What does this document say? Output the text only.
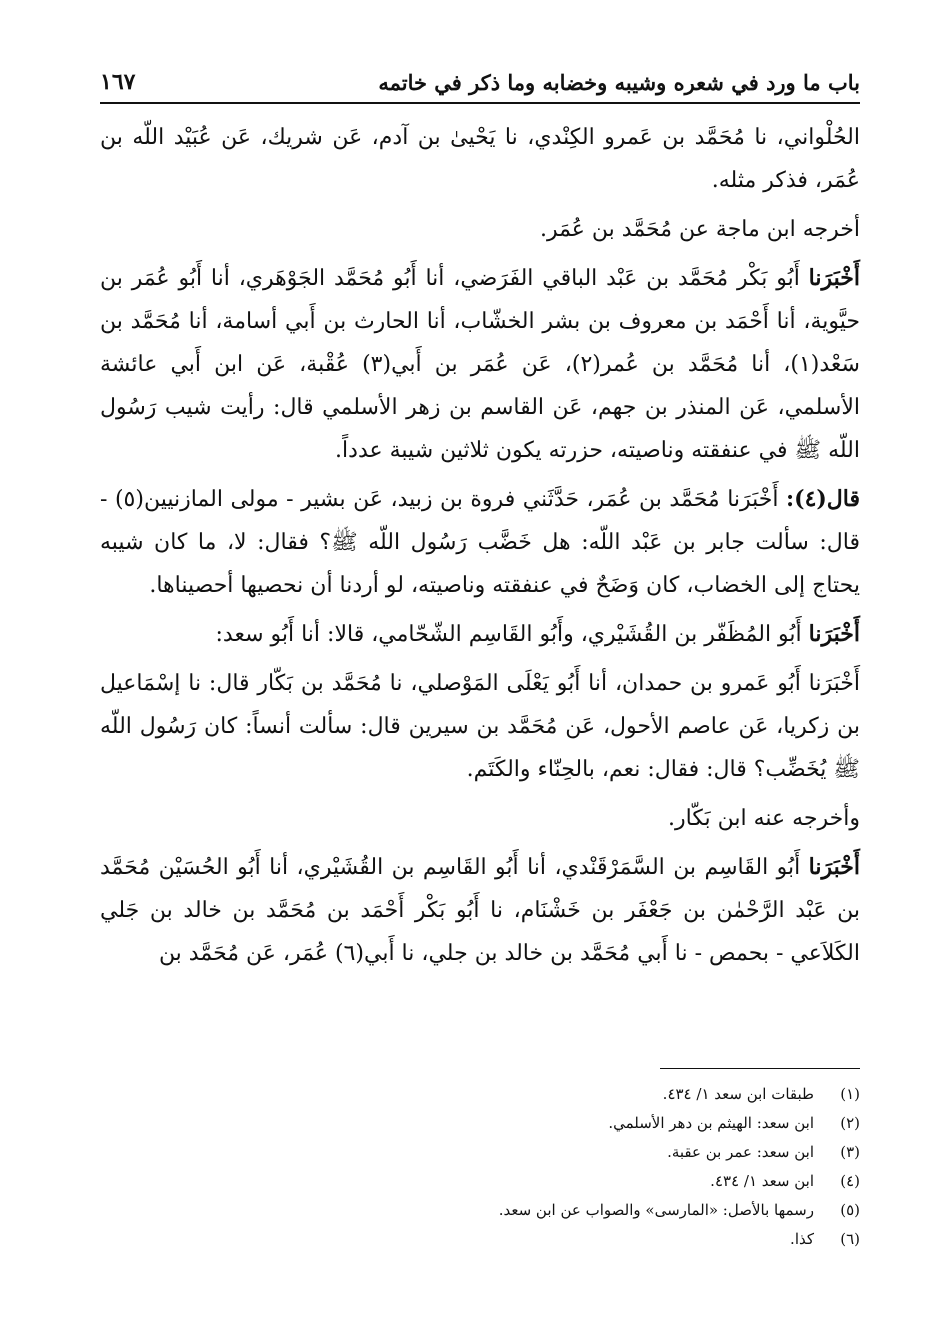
باب ما ورد في شعره وشيبه وخضابه وما ذكر في خاتمه
١٦٧

الحُلْواني، نا مُحَمَّد بن عَمرو الكِنْدي، نا يَحْيىٰ بن آدم، عَن شريك، عَن عُبَيْد اللّه بن عُمَر، فذكر مثله.

أخرجه ابن ماجة عن مُحَمَّد بن عُمَر.

أَخْبَرَنا أَبُو بَكْر مُحَمَّد بن عَبْد الباقي الفَرَضي، أنا أَبُو مُحَمَّد الجَوْهَري، أنا أَبُو عُمَر بن حيَّوية، أنا أَحْمَد بن معروف بن بشر الخشّاب، أنا الحارث بن أَبي أسامة، أنا مُحَمَّد بن سَعْد(١)، أنا مُحَمَّد بن عُمر(٢)، عَن عُمَر بن أَبي(٣) عُقْبة، عَن ابن أَبي عائشة الأسلمي، عَن المنذر بن جهم، عَن القاسم بن زهر الأسلمي قال: رأيت شيب رَسُول اللّه ﷺ في عنفقته وناصيته، حزرته يكون ثلاثين شيبة عدداً.

قال(٤): أَخْبَرَنا مُحَمَّد بن عُمَر، حَدَّثَني فروة بن زبيد، عَن بشير - مولى المازنيين(٥) - قال: سألت جابر بن عَبْد اللّه: هل خَضَّب رَسُول اللّه ﷺ؟ فقال: لا، ما كان شيبه يحتاج إلى الخضاب، كان وَضَحٌ في عنفقته وناصيته، لو أردنا أن نحصيها أحصيناها.

أَخْبَرَنا أَبُو المُظَفّر بن القُشَيْري، وأَبُو القَاسِم الشّحّامي، قالا: أنا أَبُو سعد:

أَخْبَرَنا أَبُو عَمرو بن حمدان، أنا أَبُو يَعْلَى المَوْصلي، نا مُحَمَّد بن بَكّار قال: نا إسْمَاعيل بن زكريا، عَن عاصم الأحول، عَن مُحَمَّد بن سيرين قال: سألت أنساً: كان رَسُول اللّه ﷺ يُخَضِّب؟ قال: فقال: نعم، بالحِنّاء والكَتَم.

وأخرجه عنه ابن بَكّار.

أَخْبَرَنا أَبُو القَاسِم بن السَّمَرْقَنْدي، أنا أَبُو القَاسِم بن القُشَيْري، أنا أَبُو الحُسَيْن مُحَمَّد بن عَبْد الرَّحْمٰن بن جَعْفَر بن خَشْنَام، نا أَبُو بَكْر أَحْمَد بن مُحَمَّد بن خالد بن جَلي الكَلاَعي - بحمص - نا أَبي مُحَمَّد بن خالد بن جلي، نا أَبي(٦) عُمَر، عَن مُحَمَّد بن

(١)
طبقات ابن سعد ١/ ٤٣٤.
(٢)
ابن سعد: الهيثم بن دهر الأسلمي.
(٣)
ابن سعد: عمر بن عقبة.
(٤)
ابن سعد ١/ ٤٣٤.
(٥)
رسمها بالأصل: «المارسى» والصواب عن ابن سعد.
(٦)
كذا.
